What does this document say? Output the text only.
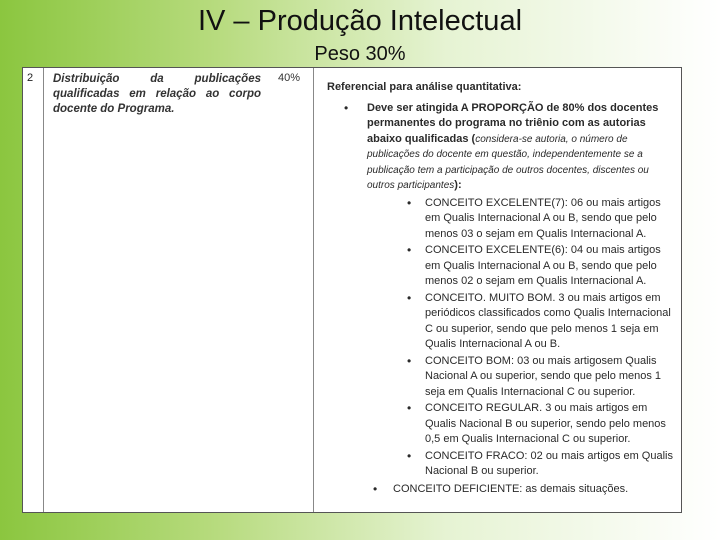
IV – Produção Intelectual
Peso 30%
2 Distribuição da publicações qualificadas em relação ao corpo docente do Programa.
40%
Referencial para análise quantitativa:
• Deve ser atingida A PROPORÇÃO de 80% dos docentes permanentes do programa no triênio com as autorias abaixo qualificadas (considera-se autoria, o número de publicações do docente em questão, independentemente se a publicação tem a participação de outros docentes, discentes ou outros participantes):
• CONCEITO EXCELENTE(7): 06 ou mais artigos em Qualis Internacional A ou B, sendo que pelo menos 03 o sejam em Qualis Internacional A.
• CONCEITO EXCELENTE(6): 04 ou mais artigos em Qualis Internacional A ou B, sendo que pelo menos 02 o sejam em Qualis Internacional A.
• CONCEITO. MUITO BOM. 3 ou mais artigos em periódicos classificados como Qualis Internacional C ou superior, sendo que pelo menos 1 seja em Qualis Internacional A ou B.
• CONCEITO BOM: 03 ou mais artigosem Qualis Nacional A ou superior, sendo que pelo menos 1 seja em Qualis Internacional C ou superior.
• CONCEITO REGULAR. 3 ou mais artigos em Qualis Nacional B ou superior, sendo pelo menos 0,5 em Qualis Internacional C ou superior.
• CONCEITO FRACO: 02 ou mais artigos em Qualis Nacional B ou superior.
• CONCEITO DEFICIENTE: as demais situações.
